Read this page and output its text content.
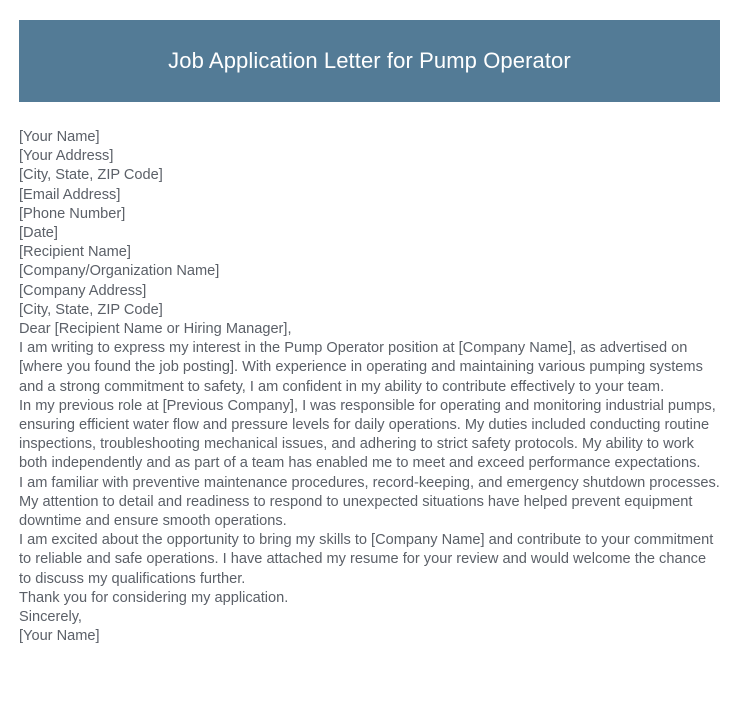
Job Application Letter for Pump Operator
[Your Name]
[Your Address]
[City, State, ZIP Code]
[Email Address]
[Phone Number]
[Date]
[Recipient Name]
[Company/Organization Name]
[Company Address]
[City, State, ZIP Code]
Dear [Recipient Name or Hiring Manager],
I am writing to express my interest in the Pump Operator position at [Company Name], as advertised on [where you found the job posting]. With experience in operating and maintaining various pumping systems and a strong commitment to safety, I am confident in my ability to contribute effectively to your team.
In my previous role at [Previous Company], I was responsible for operating and monitoring industrial pumps, ensuring efficient water flow and pressure levels for daily operations. My duties included conducting routine inspections, troubleshooting mechanical issues, and adhering to strict safety protocols. My ability to work both independently and as part of a team has enabled me to meet and exceed performance expectations.
I am familiar with preventive maintenance procedures, record-keeping, and emergency shutdown processes. My attention to detail and readiness to respond to unexpected situations have helped prevent equipment downtime and ensure smooth operations.
I am excited about the opportunity to bring my skills to [Company Name] and contribute to your commitment to reliable and safe operations. I have attached my resume for your review and would welcome the chance to discuss my qualifications further.
Thank you for considering my application.
Sincerely,
[Your Name]
